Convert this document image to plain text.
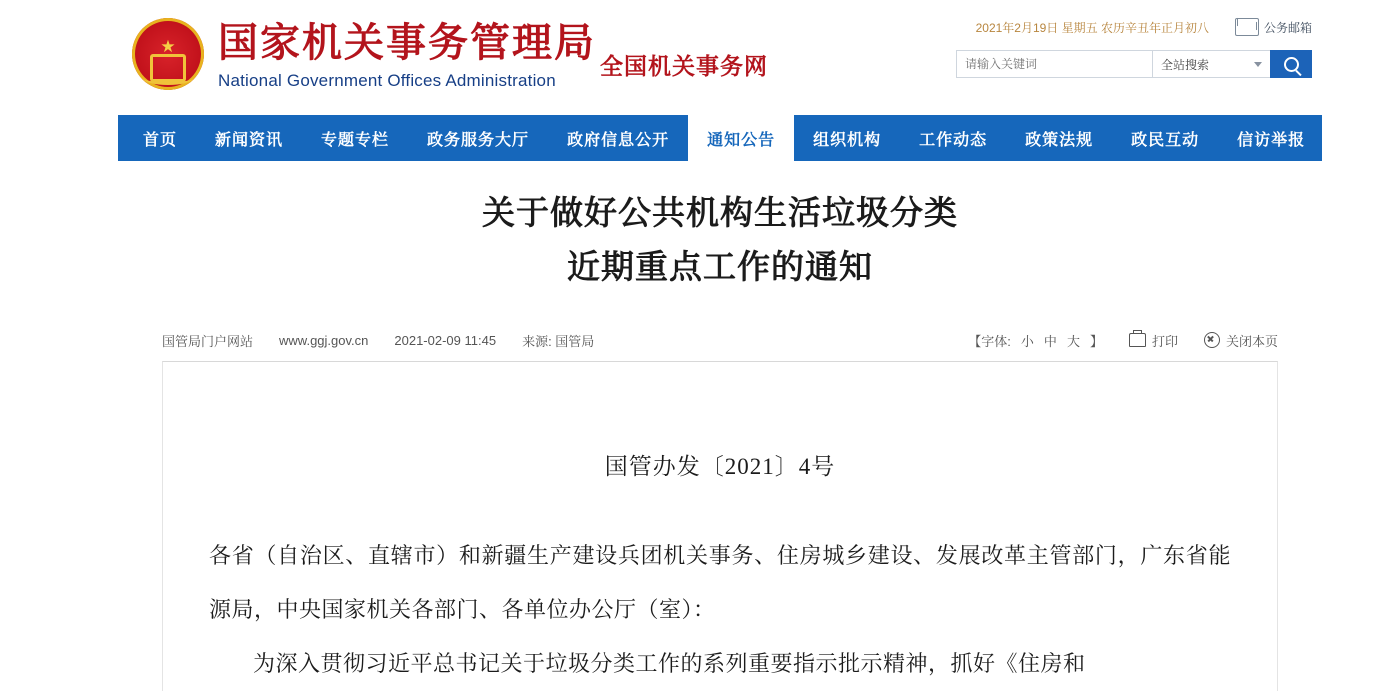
★ 国家机关事务管理局
National Government Offices Administration
全国机关事务网
2021年2月19日 星期五 农历辛丑年正月初八	公务邮箱
请输入关键词
全站搜索
首页	新闻资讯	专题专栏	政务服务大厅	政府信息公开	通知公告	组织机构	工作动态	政策法规	政民互动	信访举报
关于做好公共机构生活垃圾分类
近期重点工作的通知
国管局门户网站 www.ggj.gov.cn 2021-02-09 11:45 来源: 国管局	【字体: 小 中 大 】	打印	关闭本页
国管办发〔2021〕4号
各省（自治区、直辖市）和新疆生产建设兵团机关事务、住房城乡建设、发展改革主管部门，广东省能源局，中央国家机关各部门、各单位办公厅（室）：
为深入贯彻习近平总书记关于垃圾分类工作的系列重要指示批示精神，抓好《住房和
